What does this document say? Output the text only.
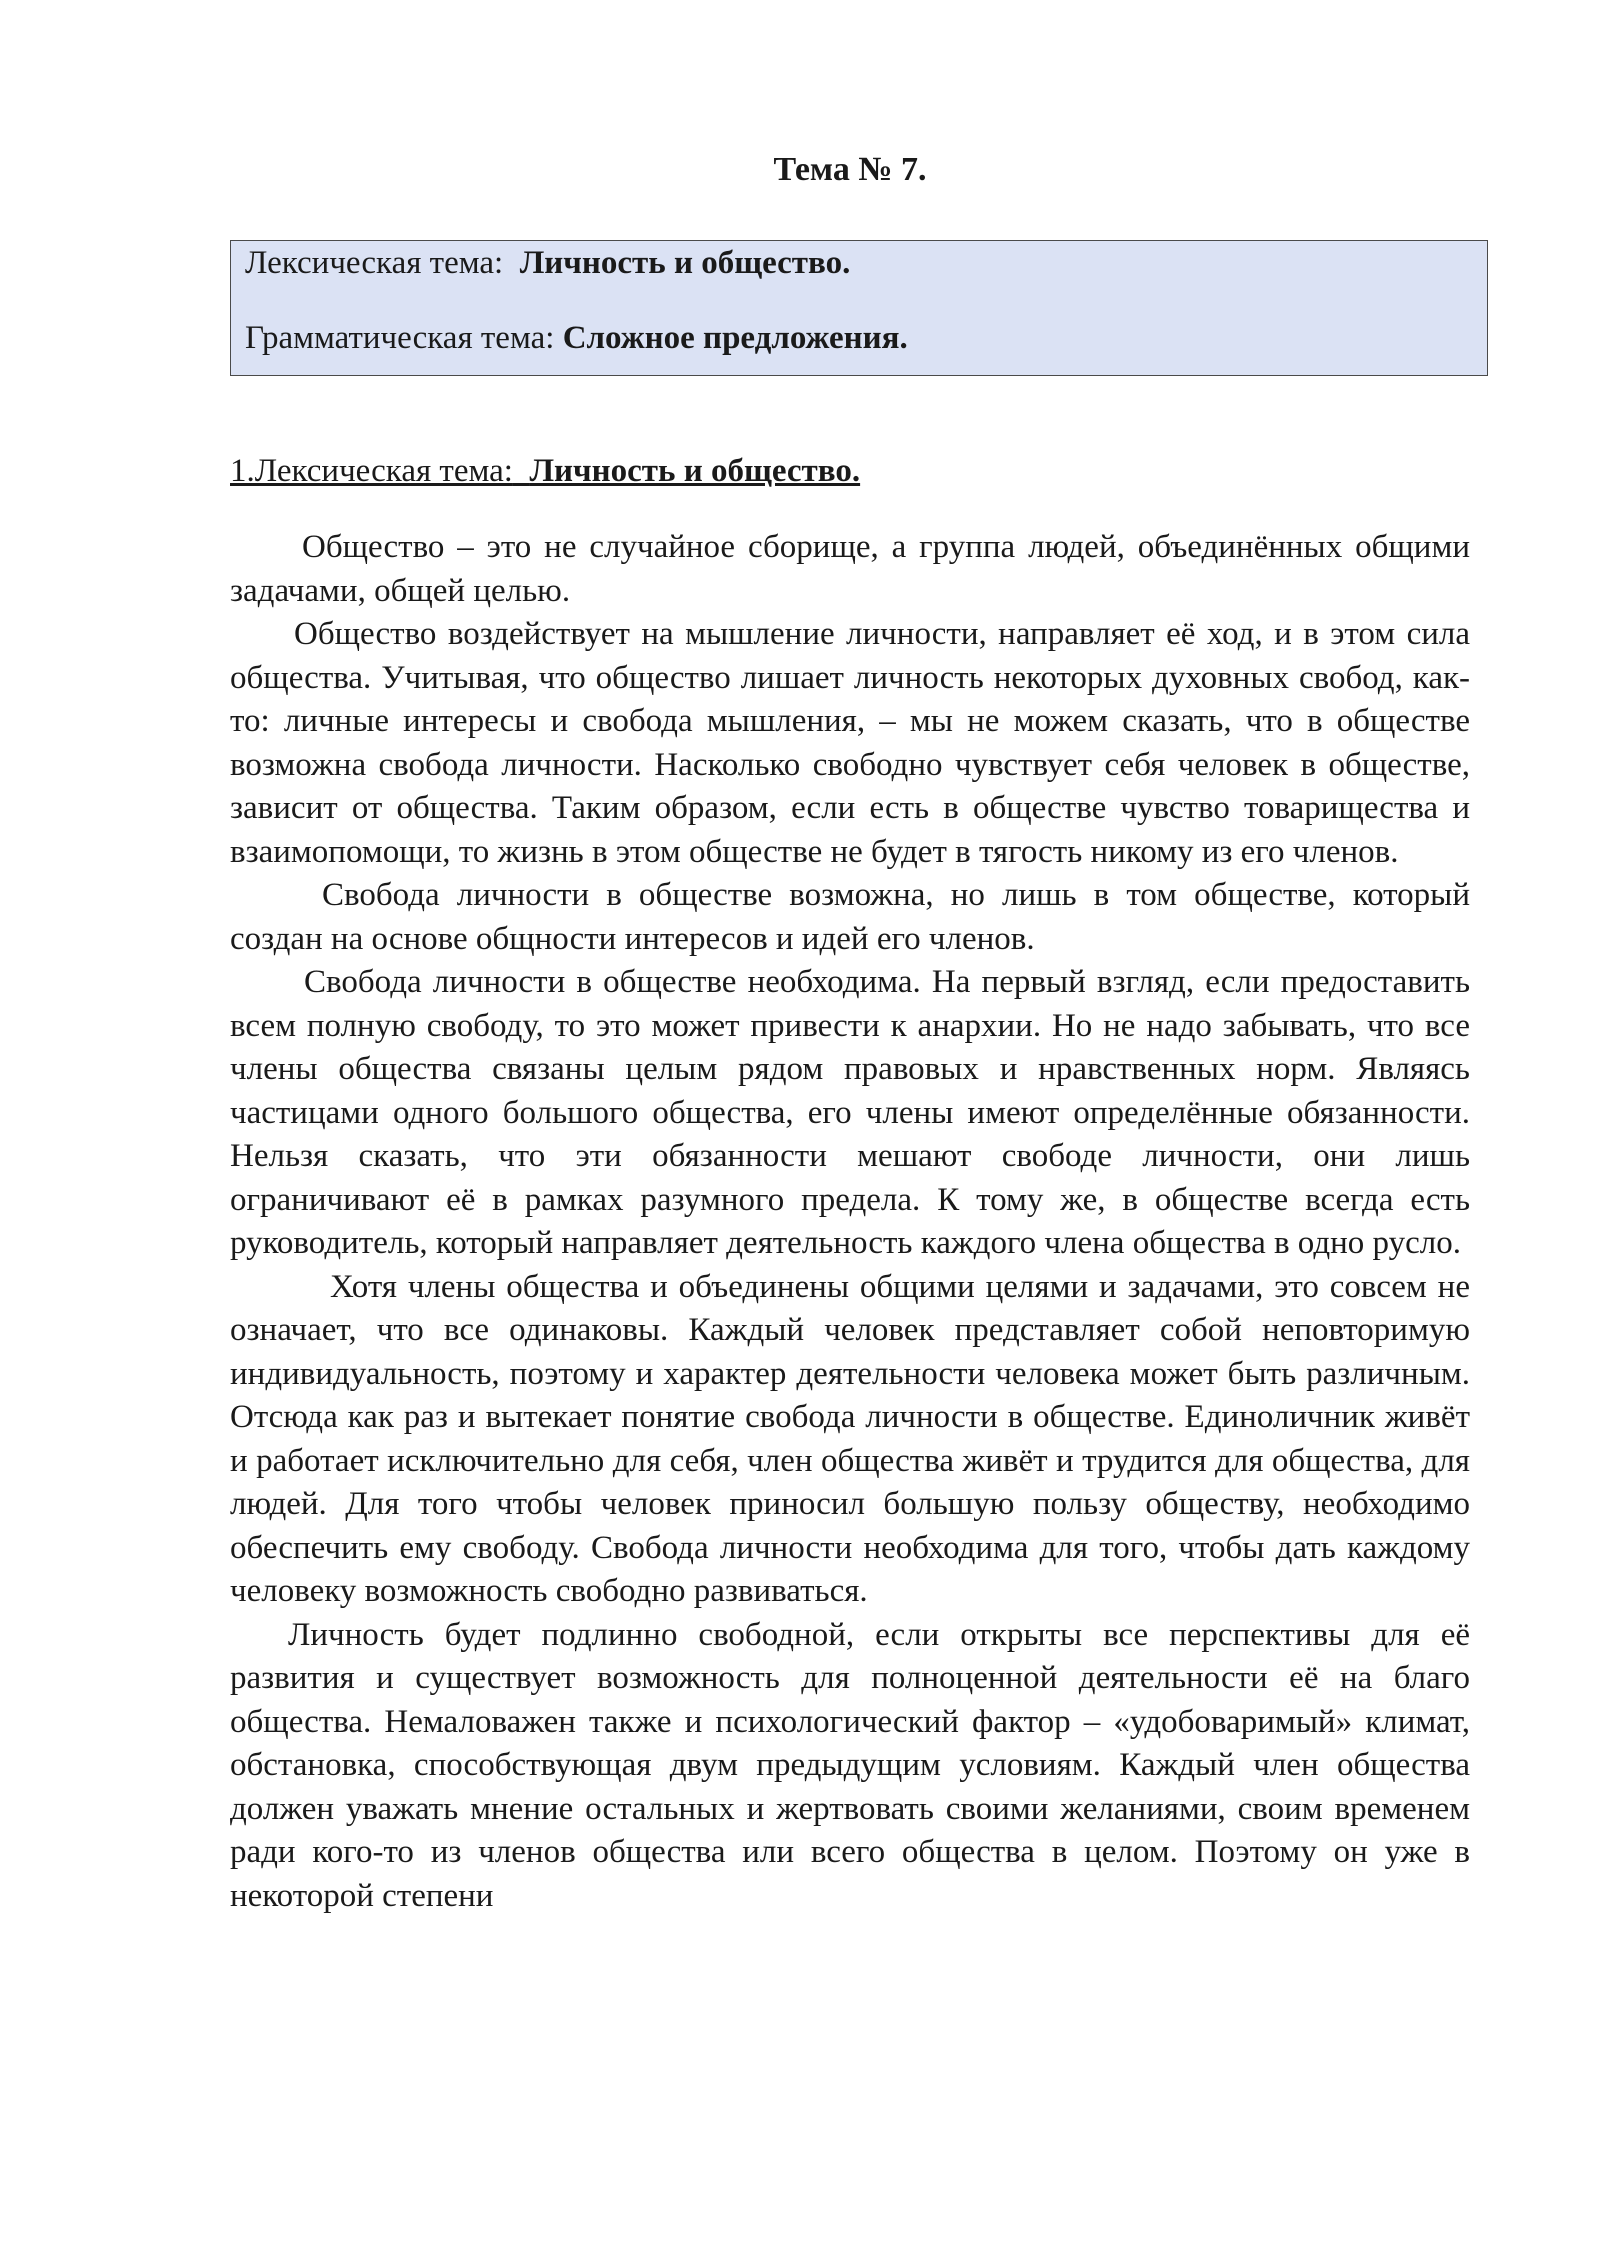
Тема № 7.
Лексическая тема: Личность и общество.
Грамматическая тема: Сложное предложения.
1.Лексическая тема: Личность и общество.

Общество – это не случайное сборище, а группа людей, объединённых общими задачами, общей целью.

Общество воздействует на мышление личности, направляет её ход, и в этом сила общества. Учитывая, что общество лишает личность некоторых духовных свобод, как-то: личные интересы и свобода мышления, – мы не можем сказать, что в обществе возможна свобода личности. Насколько свободно чувствует себя человек в обществе, зависит от общества. Таким образом, если есть в обществе чувство товарищества и взаимопомощи, то жизнь в этом обществе не будет в тягость никому из его членов.

Свобода личности в обществе возможна, но лишь в том обществе, который создан на основе общности интересов и идей его членов.

Свобода личности в обществе необходима. На первый взгляд, если предоставить всем полную свободу, то это может привести к анархии. Но не надо забывать, что все члены общества связаны целым рядом правовых и нравственных норм. Являясь частицами одного большого общества, его члены имеют определённые обязанности. Нельзя сказать, что эти обязанности мешают свободе личности, они лишь ограничивают её в рамках разумного предела. К тому же, в обществе всегда есть руководитель, который направляет деятельность каждого члена общества в одно русло.

Хотя члены общества и объединены общими целями и задачами, это совсем не означает, что все одинаковы. Каждый человек представляет собой неповторимую индивидуальность, поэтому и характер деятельности человека может быть различным. Отсюда как раз и вытекает понятие свобода личности в обществе. Единоличник живёт и работает исключительно для себя, член общества живёт и трудится для общества, для людей. Для того чтобы человек приносил большую пользу обществу, необходимо обеспечить ему свободу. Свобода личности необходима для того, чтобы дать каждому человеку возможность свободно развиваться.

Личность будет подлинно свободной, если открыты все перспективы для её развития и существует возможность для полноценной деятельности её на благо общества. Немаловажен также и психологический фактор – «удобоваримый» климат, обстановка, способствующая двум предыдущим условиям. Каждый член общества должен уважать мнение остальных и жертвовать своими желаниями, своим временем ради кого-то из членов общества или всего общества в целом. Поэтому он уже в некоторой степени
